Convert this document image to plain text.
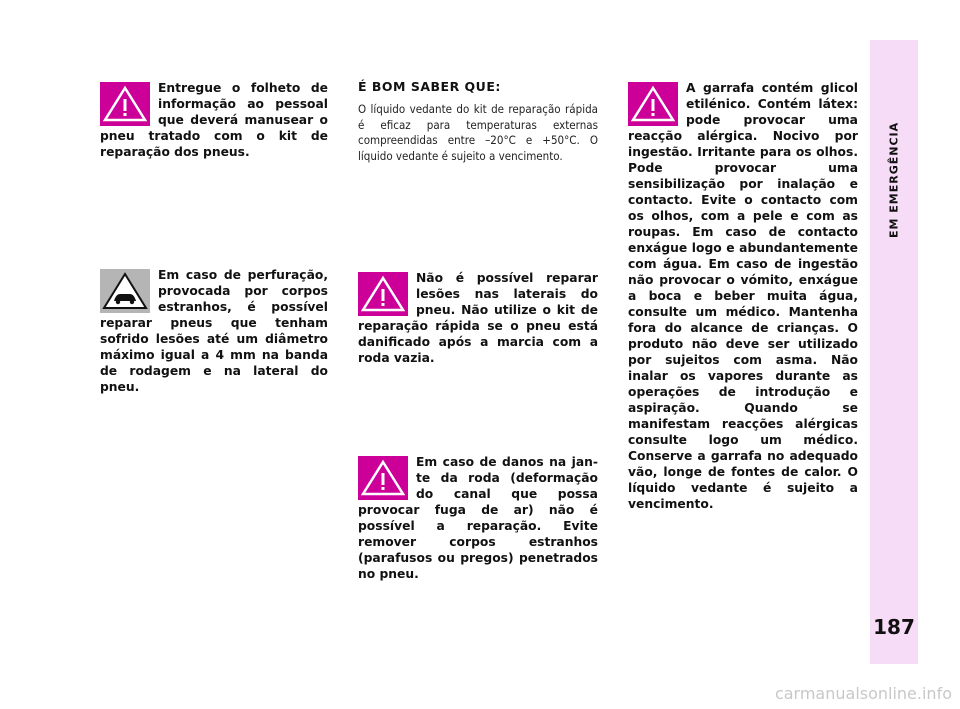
EM EMERGÊNCIA
187
Entregue o folheto de informação ao pessoal que deverá manusear o pneu tratado com o kit de reparação dos pneus.
Em caso de perfuração, provocada por corpos estranhos, é possível reparar pneus que tenham sofrido lesões até um diâmetro máximo igual a 4 mm na banda de rodagem e na lateral do pneu.
É BOM SABER QUE:
O líquido vedante do kit de reparação rápida é eficaz para temperaturas externas compreendidas entre –20°C e +50°C. O líquido vedante é sujeito a vencimento.
Não é possível reparar lesões nas laterais do pneu. Não utilize o kit de reparação rápida se o pneu está danificado após a marcia com a roda vazia.
Em caso de danos na jante da roda (deformação do canal que possa provocar fuga de ar) não é possível a reparação. Evite remover corpos estranhos (parafusos ou pregos) penetrados no pneu.
A garrafa contém glicol etilénico. Contém látex: pode provocar uma reacção alérgica. Nocivo por ingestão. Irritante para os olhos. Pode provocar uma sensibilização por inalação e contacto. Evite o contacto com os olhos, com a pele e com as roupas. Em caso de contacto enxágue logo e abundantemente com água. Em caso de ingestão não provocar o vómito, enxágue a boca e beber muita água, consulte um médico. Mantenha fora do alcance de crianças. O produto não deve ser utilizado por sujeitos com asma. Não inalar os vapores durante as operações de introdução e aspiração. Quando se manifestam reacções alérgicas consulte logo um médico. Conserve a garrafa no adequado vão, longe de fontes de calor. O líquido vedante é sujeito a vencimento.
carmanualsonline.info
